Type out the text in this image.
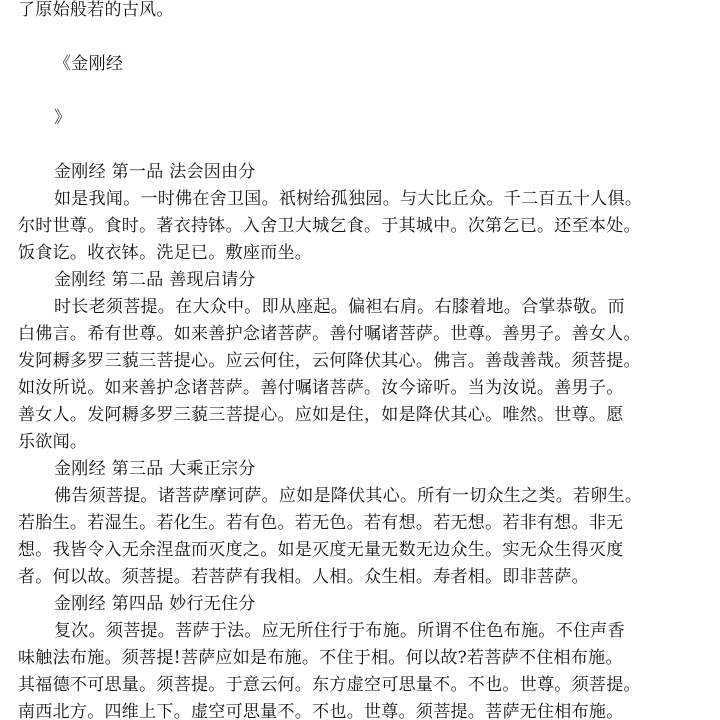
了原始般若的古风。
《金刚经
》
金刚经 第一品 法会因由分
如是我闻。一时佛在舍卫国。祇树给孤独园。与大比丘众。千二百五十人俱。
尔时世尊。食时。著衣持钵。入舍卫大城乞食。于其城中。次第乞已。还至本处。
饭食讫。收衣钵。洗足已。敷座而坐。
金刚经 第二品 善现启请分
时长老须菩提。在大众中。即从座起。偏袒右肩。右膝着地。合掌恭敬。而
白佛言。希有世尊。如来善护念诸菩萨。善付嘱诸菩萨。世尊。善男子。善女人。
发阿耨多罗三藐三菩提心。应云何住，云何降伏其心。佛言。善哉善哉。须菩提。
如汝所说。如来善护念诸菩萨。善付嘱诸菩萨。汝今谛听。当为汝说。善男子。
善女人。发阿耨多罗三藐三菩提心。应如是住，如是降伏其心。唯然。世尊。愿
乐欲闻。
金刚经 第三品 大乘正宗分
佛告须菩提。诸菩萨摩诃萨。应如是降伏其心。所有一切众生之类。若卵生。
若胎生。若湿生。若化生。若有色。若无色。若有想。若无想。若非有想。非无
想。我皆令入无余涅盘而灭度之。如是灭度无量无数无边众生。实无众生得灭度
者。何以故。须菩提。若菩萨有我相。人相。众生相。寿者相。即非菩萨。
金刚经 第四品 妙行无住分
复次。须菩提。菩萨于法。应无所住行于布施。所谓不住色布施。不住声香
味触法布施。须菩提!菩萨应如是布施。不住于相。何以故?若菩萨不住相布施。
其福德不可思量。须菩提。于意云何。东方虚空可思量不。不也。世尊。须菩提。
南西北方。四维上下。虚空可思量不。不也。世尊。须菩提。菩萨无住相布施。
